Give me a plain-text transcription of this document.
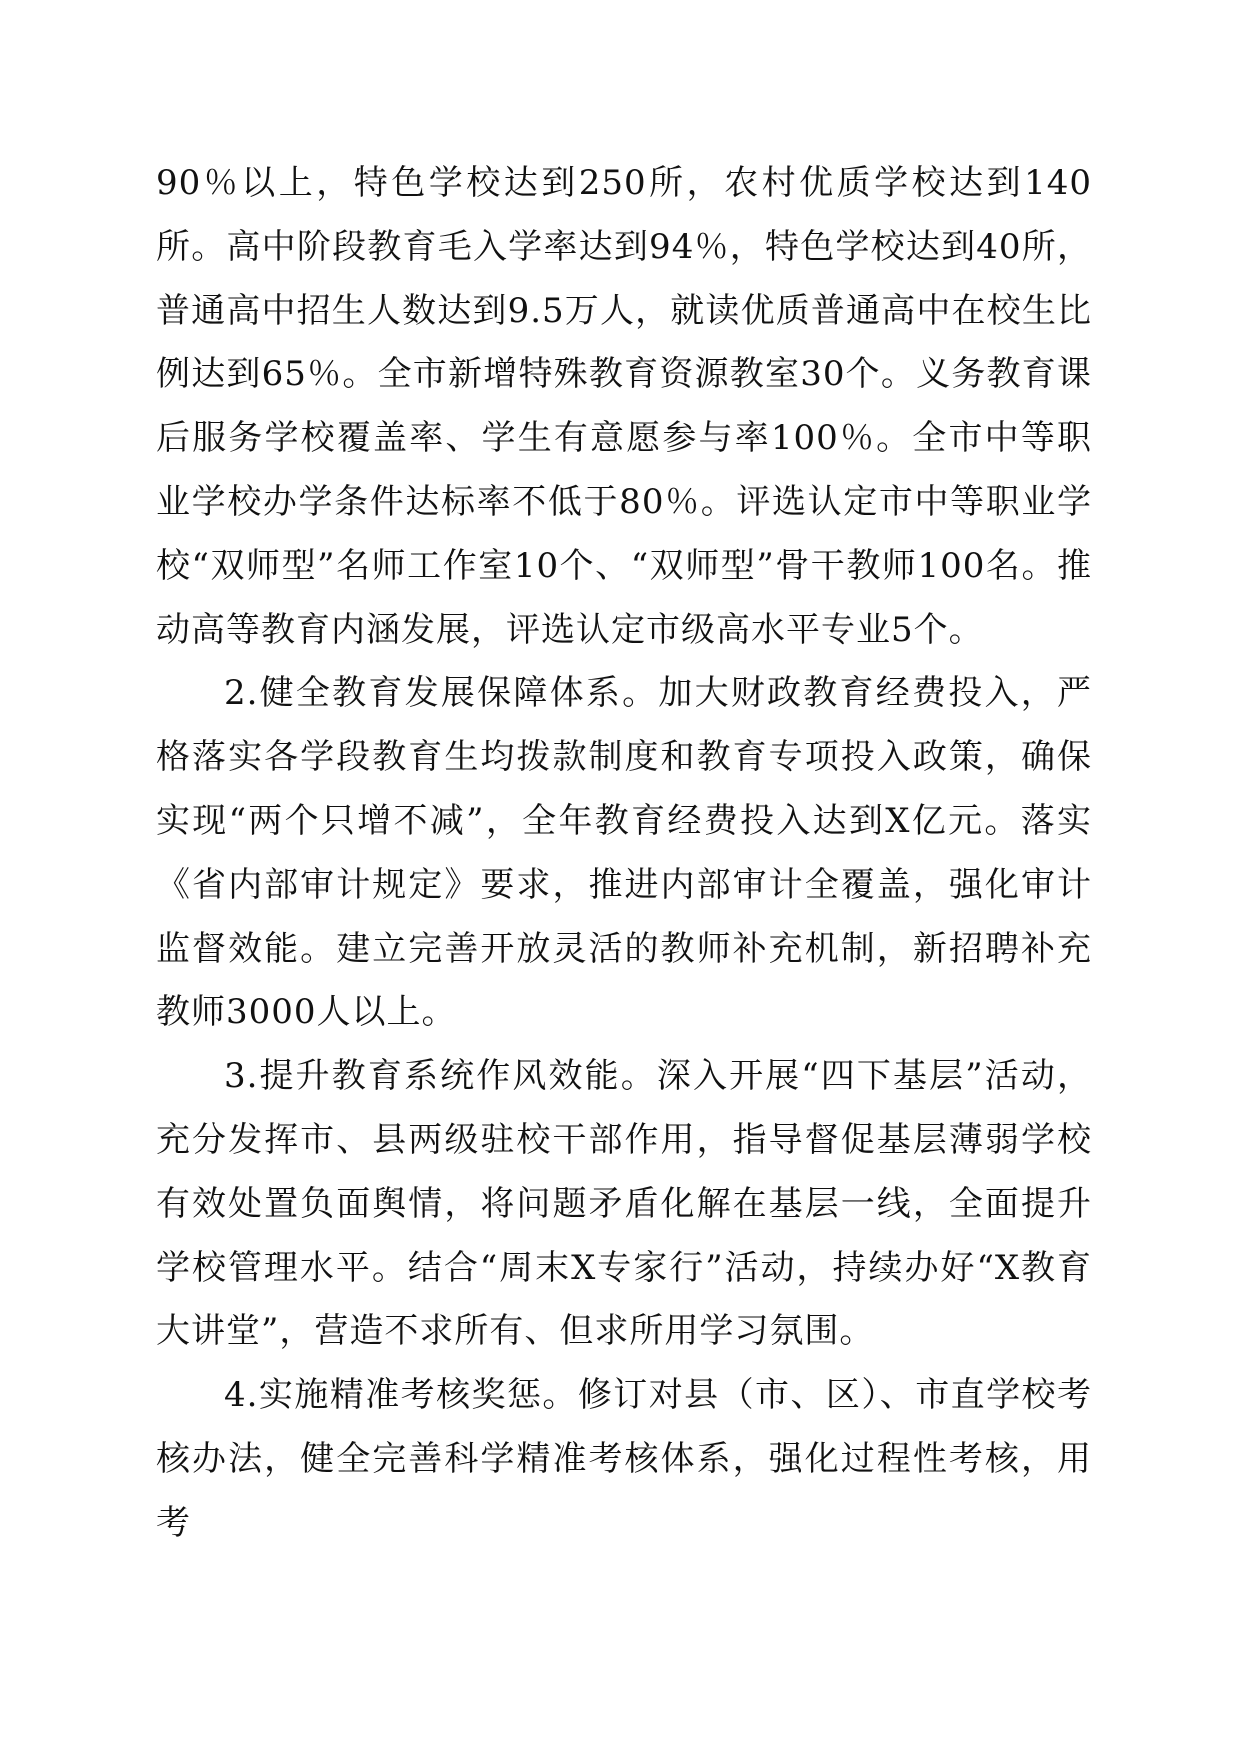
90％以上，特色学校达到250所，农村优质学校达到140所。高中阶段教育毛入学率达到94％，特色学校达到40所，普通高中招生人数达到9.5万人，就读优质普通高中在校生比例达到65％。全市新增特殊教育资源教室30个。义务教育课后服务学校覆盖率、学生有意愿参与率100％。全市中等职业学校办学条件达标率不低于80％。评选认定市中等职业学校“双师型”名师工作室10个、“双师型”骨干教师100名。推动高等教育内涵发展，评选认定市级高水平专业5个。

2.健全教育发展保障体系。加大财政教育经费投入，严格落实各学段教育生均拨款制度和教育专项投入政策，确保实现“两个只增不减”，全年教育经费投入达到X亿元。落实《省内部审计规定》要求，推进内部审计全覆盖，强化审计监督效能。建立完善开放灵活的教师补充机制，新招聘补充教师3000人以上。

3.提升教育系统作风效能。深入开展“四下基层”活动，充分发挥市、县两级驻校干部作用，指导督促基层薄弱学校有效处置负面舆情，将问题矛盾化解在基层一线，全面提升学校管理水平。结合“周末X专家行”活动，持续办好“X教育大讲堂”，营造不求所有、但求所用学习氛围。

4.实施精准考核奖惩。修订对县（市、区）、市直学校考核办法，健全完善科学精准考核体系，强化过程性考核，用考
